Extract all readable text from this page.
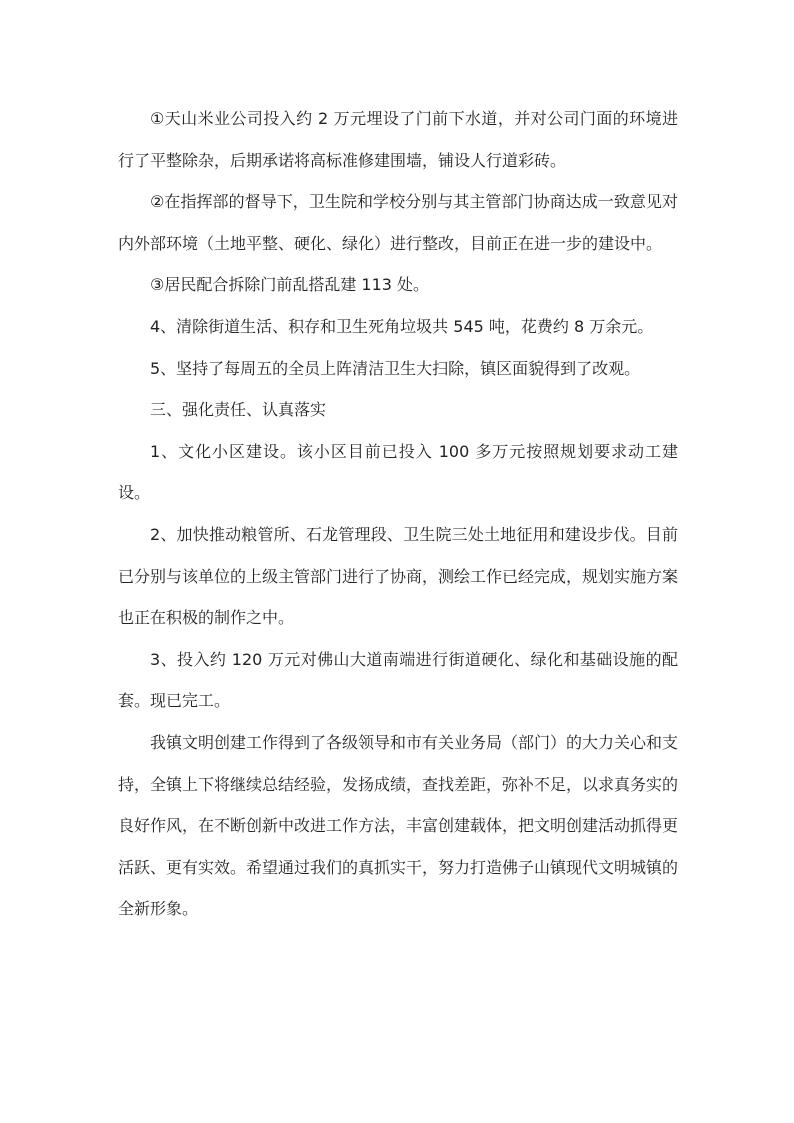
①天山米业公司投入约 2 万元埋设了门前下水道，并对公司门面的环境进行了平整除杂，后期承诺将高标准修建围墙，铺设人行道彩砖。

②在指挥部的督导下，卫生院和学校分别与其主管部门协商达成一致意见对内外部环境（土地平整、硬化、绿化）进行整改，目前正在进一步的建设中。

③居民配合拆除门前乱搭乱建 113 处。

4、清除街道生活、积存和卫生死角垃圾共 545 吨，花费约 8 万余元。

5、坚持了每周五的全员上阵清洁卫生大扫除，镇区面貌得到了改观。

三、强化责任、认真落实

1、文化小区建设。该小区目前已投入 100 多万元按照规划要求动工建设。

2、加快推动粮管所、石龙管理段、卫生院三处土地征用和建设步伐。目前已分别与该单位的上级主管部门进行了协商，测绘工作已经完成，规划实施方案也正在积极的制作之中。

3、投入约 120 万元对佛山大道南端进行街道硬化、绿化和基础设施的配套。现已完工。

我镇文明创建工作得到了各级领导和市有关业务局（部门）的大力关心和支持，全镇上下将继续总结经验，发扬成绩，查找差距，弥补不足，以求真务实的良好作风，在不断创新中改进工作方法，丰富创建载体，把文明创建活动抓得更活跃、更有实效。希望通过我们的真抓实干，努力打造佛子山镇现代文明城镇的全新形象。
